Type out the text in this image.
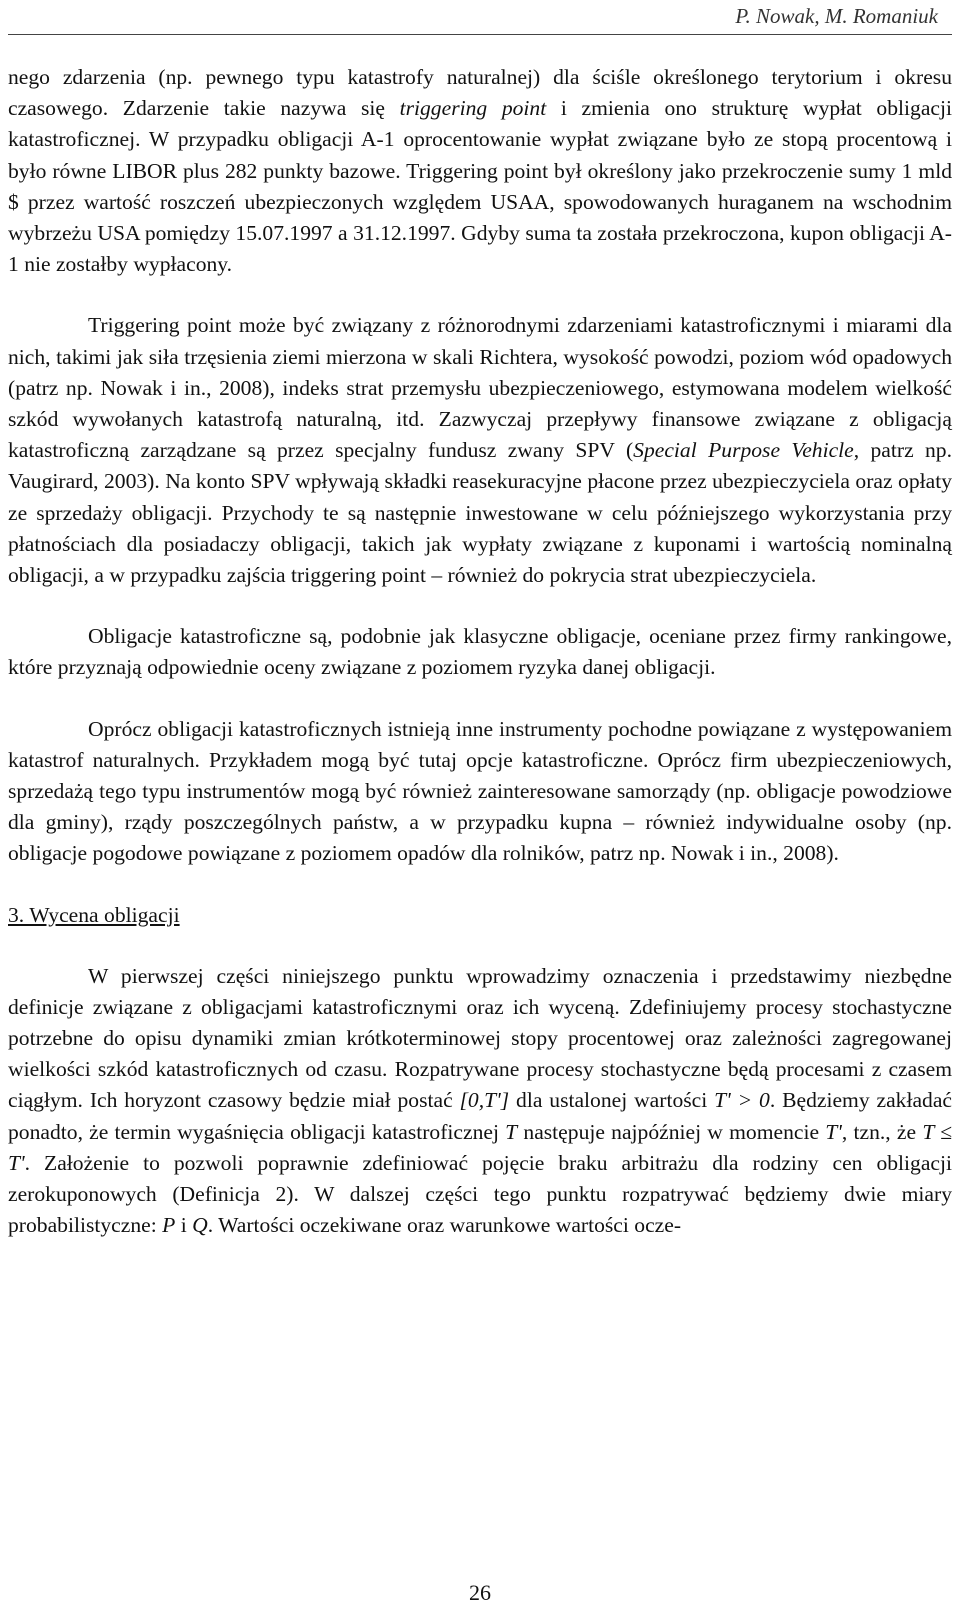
P. Nowak, M. Romaniuk

nego zdarzenia (np. pewnego typu katastrofy naturalnej) dla ściśle określonego terytorium i okresu czasowego. Zdarzenie takie nazywa się triggering point i zmienia ono strukturę wypłat obligacji katastroficznej. W przypadku obligacji A-1 oprocentowanie wypłat związane było ze stopą procentową i było równe LIBOR plus 282 punkty bazowe. Triggering point był określony jako przekroczenie sumy 1 mld $ przez wartość roszczeń ubezpieczonych względem USAA, spowodowanych huraganem na wschodnim wybrzeżu USA pomiędzy 15.07.1997 a 31.12.1997. Gdyby suma ta została przekroczona, kupon obligacji A-1 nie zostałby wypłacony.

Triggering point może być związany z różnorodnymi zdarzeniami katastroficznymi i miarami dla nich, takimi jak siła trzęsienia ziemi mierzona w skali Richtera, wysokość powodzi, poziom wód opadowych (patrz np. Nowak i in., 2008), indeks strat przemysłu ubezpieczeniowego, estymowana modelem wielkość szkód wywołanych katastrofą naturalną, itd. Zazwyczaj przepływy finansowe związane z obligacją katastroficzną zarządzane są przez specjalny fundusz zwany SPV (Special Purpose Vehicle, patrz np. Vaugirard, 2003). Na konto SPV wpływają składki reasekuracyjne płacone przez ubezpieczyciela oraz opłaty ze sprzedaży obligacji. Przychody te są następnie inwestowane w celu późniejszego wykorzystania przy płatnościach dla posiadaczy obligacji, takich jak wypłaty związane z kuponami i wartością nominalną obligacji, a w przypadku zajścia triggering point – również do pokrycia strat ubezpieczyciela.

Obligacje katastroficzne są, podobnie jak klasyczne obligacje, oceniane przez firmy rankingowe, które przyznają odpowiednie oceny związane z poziomem ryzyka danej obligacji.

Oprócz obligacji katastroficznych istnieją inne instrumenty pochodne powiązane z występowaniem katastrof naturalnych. Przykładem mogą być tutaj opcje katastroficzne. Oprócz firm ubezpieczeniowych, sprzedażą tego typu instrumentów mogą być również zainteresowane samorządy (np. obligacje powodziowe dla gminy), rządy poszczególnych państw, a w przypadku kupna – również indywidualne osoby (np. obligacje pogodowe powiązane z poziomem opadów dla rolników, patrz np. Nowak i in., 2008).

3. Wycena obligacji

W pierwszej części niniejszego punktu wprowadzimy oznaczenia i przedstawimy niezbędne definicje związane z obligacjami katastroficznymi oraz ich wyceną. Zdefiniujemy procesy stochastyczne potrzebne do opisu dynamiki zmian krótkoterminowej stopy procentowej oraz zależności zagregowanej wielkości szkód katastroficznych od czasu. Rozpatrywane procesy stochastyczne będą procesami z czasem ciągłym. Ich horyzont czasowy będzie miał postać [0,T'] dla ustalonej wartości T' > 0. Będziemy zakładać ponadto, że termin wygaśnięcia obligacji katastroficznej T następuje najpóźniej w momencie T', tzn., że T ≤ T'. Założenie to pozwoli poprawnie zdefiniować pojęcie braku arbitrażu dla rodziny cen obligacji zerokuponowych (Definicja 2). W dalszej części tego punktu rozpatrywać będziemy dwie miary probabilistyczne: P i Q. Wartości oczekiwane oraz warunkowe wartości ocze-

26
